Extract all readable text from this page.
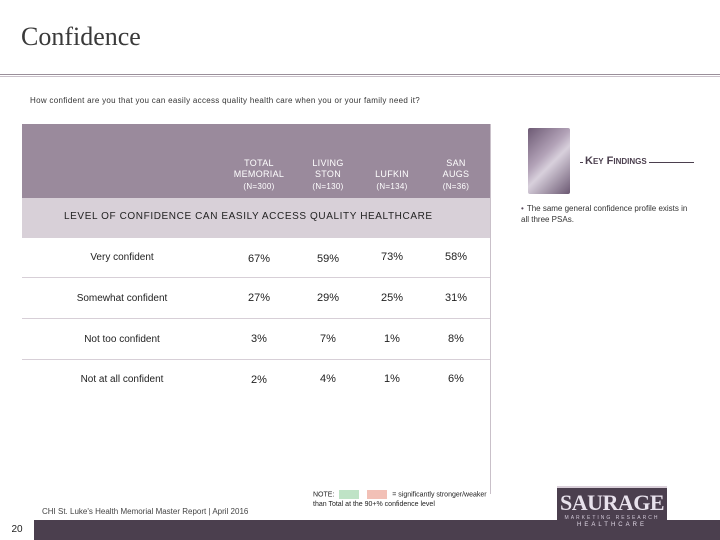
Confidence
How confident are you that you can easily access quality health care when you or your family need it?
TOTAL
MEMORIAL
(N=300)
LIVING
STON
(N=130)

LUFKIN
(N=134)
SAN
AUGS
(N=36)
LEVEL OF CONFIDENCE CAN EASILY ACCESS QUALITY HEALTHCARE
Very confident	67%	59%	73%	58%
Somewhat confident	27%	29%	25%	31%
Not too confident	3%	7%	1%	8%
Not at all confident	2%	4%	1%	6%
Key Findings
• The same general confidence profile exists in all three PSAs.
CHI St. Luke's Health Memorial Master Report | April 2016
NOTE:	= significantly stronger/weaker
than Total at the 90+% confidence level
20
SAURAGE
MARKETING RESEARCH
HEALTHCARE
